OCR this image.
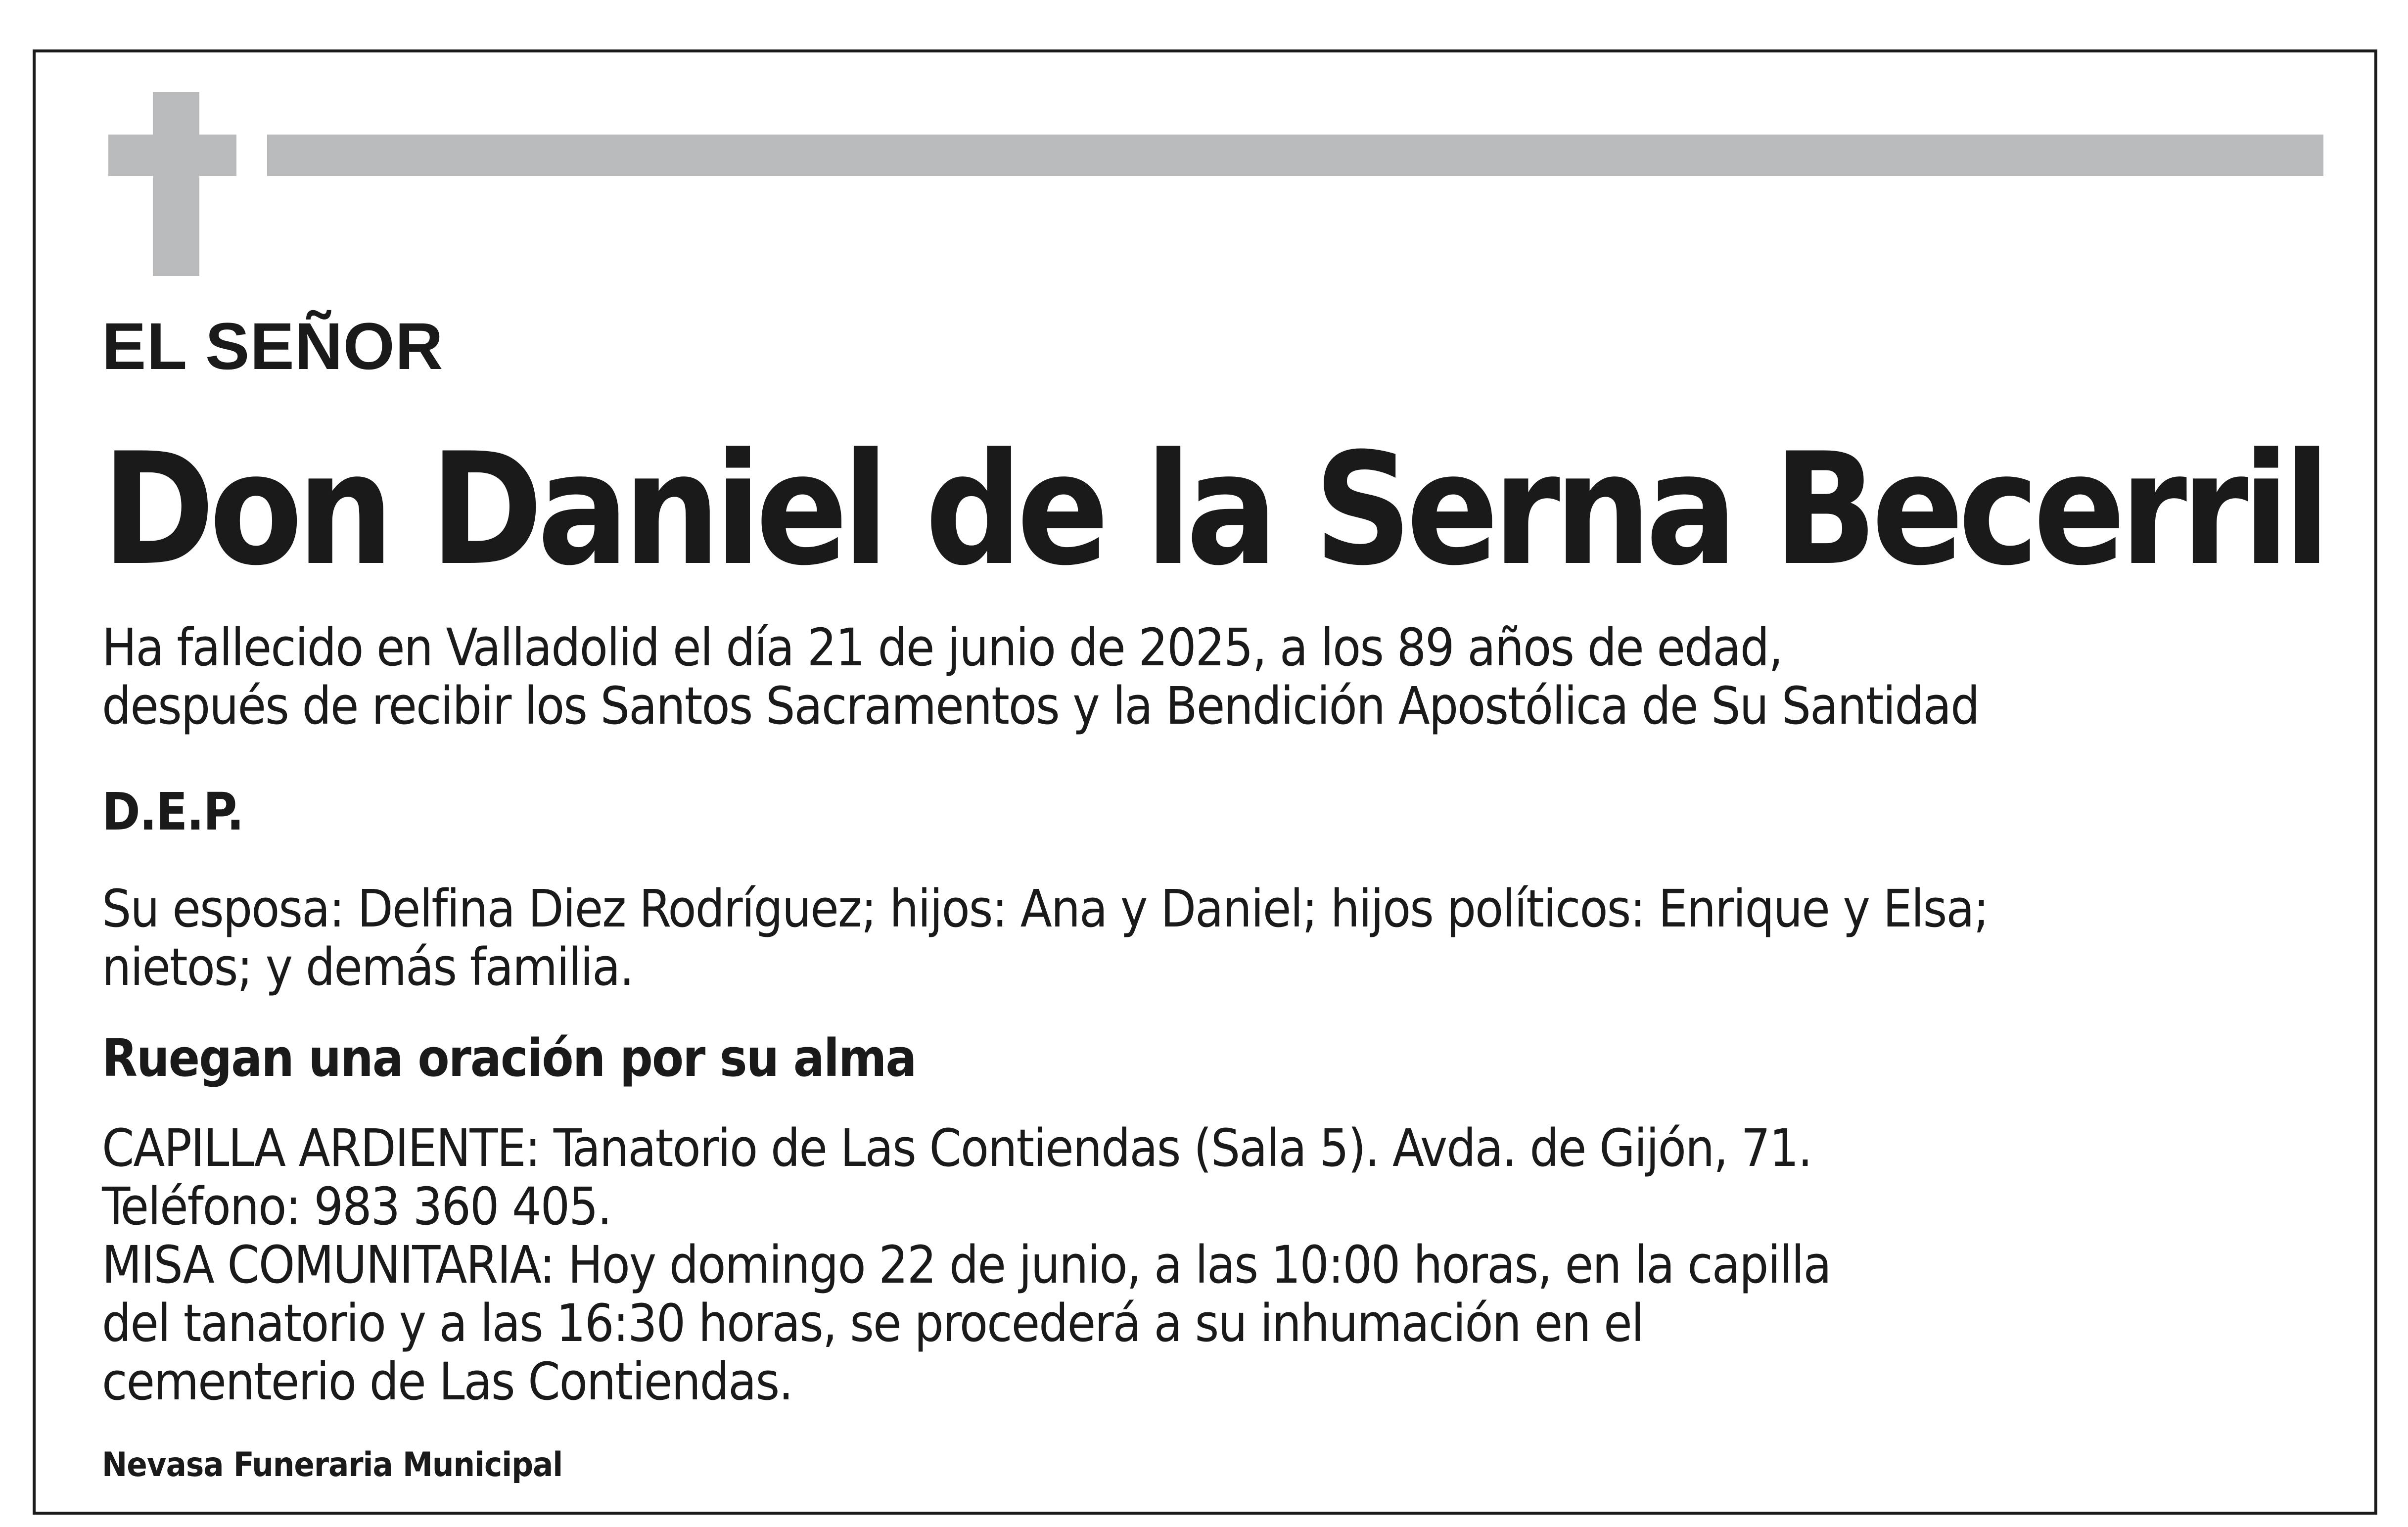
EL SEÑOR

Don Daniel de la Serna Becerril

Ha fallecido en Valladolid el día 21 de junio de 2025, a los 89 años de edad,

después de recibir los Santos Sacramentos y la Bendición Apostólica de Su Santidad

D.E.P.

Su esposa: Delfina Diez Rodríguez; hijos: Ana y Daniel; hijos políticos: Enrique y Elsa;

nietos; y demás familia.

Ruegan una oración por su alma

CAPILLA ARDIENTE: Tanatorio de Las Contiendas (Sala 5). Avda. de Gijón, 71.

Teléfono: 983 360 405.

MISA COMUNITARIA: Hoy domingo 22 de junio, a las 10:00 horas, en la capilla

del tanatorio y a las 16:30 horas, se procederá a su inhumación en el

cementerio de Las Contiendas.

Nevasa Funeraria Municipal
